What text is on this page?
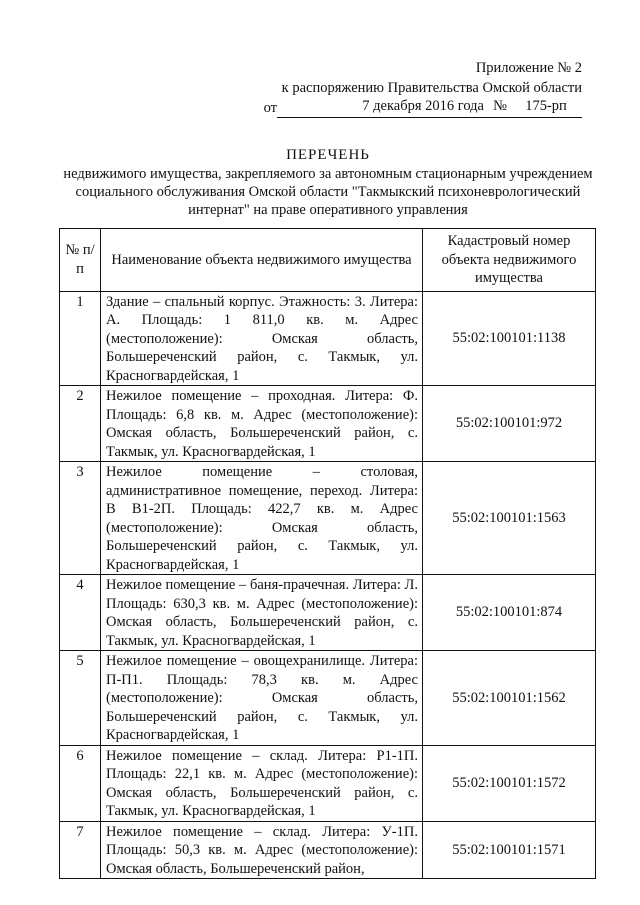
Приложение № 2
к распоряжению Правительства Омской области
от	7 декабря 2016 года №	175-рп
ПЕРЕЧЕНЬ
недвижимого имущества, закрепляемого за автономным стационарным учреждением социального обслуживания Омской области "Такмыкский психоневрологический интернат" на праве оперативного управления
№ п/п	Наименование объекта недвижимого имущества	Кадастровый номер объекта недвижимого имущества
1	Здание – спальный корпус. Этажность: 3. Литера: А. Площадь: 1 811,0 кв. м. Адрес (местоположение): Омская область, Большереченский район, с. Такмык, ул. Красногвардейская, 1	55:02:100101:1138
2	Нежилое помещение – проходная. Литера: Ф. Площадь: 6,8 кв. м. Адрес (местоположение): Омская область, Большереченский район, с. Такмык, ул. Красногвардейская, 1	55:02:100101:972
3	Нежилое помещение – столовая, административное помещение, переход. Литера: В В1-2П. Площадь: 422,7 кв. м. Адрес (местоположение): Омская область, Большереченский район, с. Такмык, ул. Красногвардейская, 1	55:02:100101:1563
4	Нежилое помещение – баня-прачечная. Литера: Л. Площадь: 630,3 кв. м. Адрес (местоположение): Омская область, Большереченский район, с. Такмык, ул. Красногвардейская, 1	55:02:100101:874
5	Нежилое помещение – овощехранилище. Литера: П-П1. Площадь: 78,3 кв. м. Адрес (местоположение): Омская область, Большереченский район, с. Такмык, ул. Красногвардейская, 1	55:02:100101:1562
6	Нежилое помещение – склад. Литера: Р1-1П. Площадь: 22,1 кв. м. Адрес (местоположение): Омская область, Большереченский район, с. Такмык, ул. Красногвардейская, 1	55:02:100101:1572
7	Нежилое помещение – склад. Литера: У-1П. Площадь: 50,3 кв. м. Адрес (местоположение): Омская область, Большереченский район,	55:02:100101:1571
